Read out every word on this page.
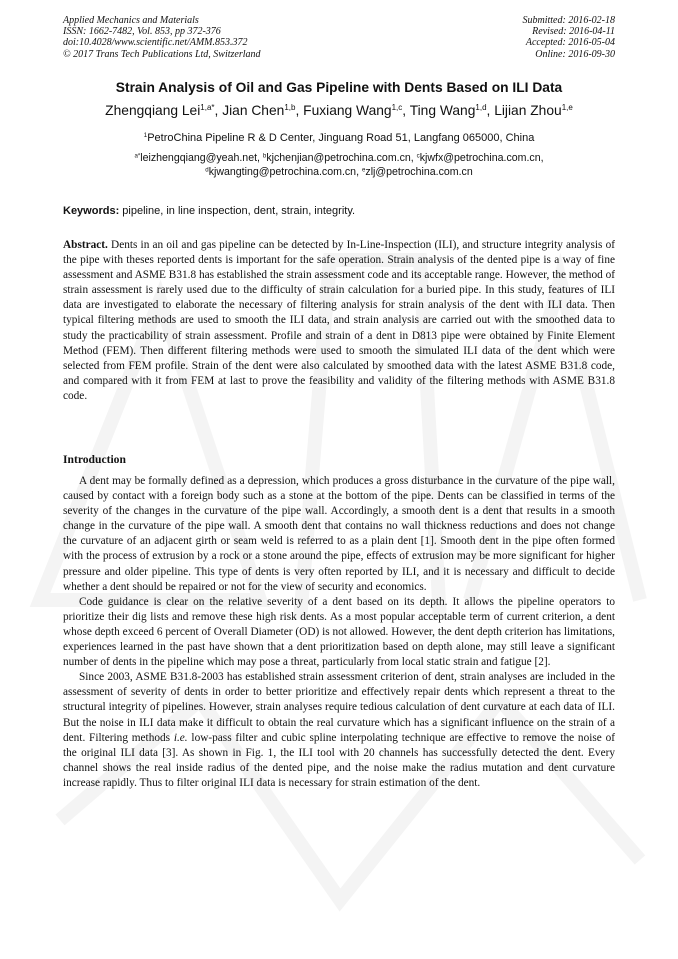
Applied Mechanics and Materials
ISSN: 1662-7482, Vol. 853, pp 372-376
doi:10.4028/www.scientific.net/AMM.853.372
© 2017 Trans Tech Publications Ltd, Switzerland
Submitted: 2016-02-18
Revised: 2016-04-11
Accepted: 2016-05-04
Online: 2016-09-30
Strain Analysis of Oil and Gas Pipeline with Dents Based on ILI Data
Zhengqiang Lei$^{1,a*}$, Jian Chen$^{1,b}$, Fuxiang Wang$^{1,c}$, Ting Wang$^{1,d}$, Lijian Zhou$^{1,e}$
$^1$PetroChina Pipeline R & D Center, Jinguang Road 51, Langfang 065000, China
$^{a*}$leizhengqiang@yeah.net, $^b$kjchenjian@petrochina.com.cn, $^c$kjwfx@petrochina.com.cn,
$^d$kjwangting@petrochina.com.cn, $^e$zlj@petrochina.com.cn
Keywords: pipeline, in line inspection, dent, strain, integrity.
Abstract. Dents in an oil and gas pipeline can be detected by In-Line-Inspection (ILI), and structure integrity analysis of the pipe with theses reported dents is important for the safe operation. Strain analysis of the dented pipe is a way of fine assessment and ASME B31.8 has established the strain assessment code and its acceptable range. However, the method of strain assessment is rarely used due to the difficulty of strain calculation for a buried pipe. In this study, features of ILI data are investigated to elaborate the necessary of filtering analysis for strain analysis of the dent with ILI data. Then typical filtering methods are used to smooth the ILI data, and strain analysis are carried out with the smoothed data to study the practicability of strain assessment. Profile and strain of a dent in D813 pipe were obtained by Finite Element Method (FEM). Then different filtering methods were used to smooth the simulated ILI data of the dent which were selected from FEM profile. Strain of the dent were also calculated by smoothed data with the latest ASME B31.8 code, and compared with it from FEM at last to prove the feasibility and validity of the filtering methods with ASME B31.8 code.
Introduction

A dent may be formally defined as a depression, which produces a gross disturbance in the curvature of the pipe wall, caused by contact with a foreign body such as a stone at the bottom of the pipe. Dents can be classified in terms of the severity of the changes in the curvature of the pipe wall. Accordingly, a smooth dent is a dent that results in a smooth change in the curvature of the pipe wall. A smooth dent that contains no wall thickness reductions and does not change the curvature of an adjacent girth or seam weld is referred to as a plain dent [1]. Smooth dent in the pipe often formed with the process of extrusion by a rock or a stone around the pipe, effects of extrusion may be more significant for higher pressure and older pipeline. This type of dents is very often reported by ILI, and it is necessary and difficult to decide whether a dent should be repaired or not for the view of security and economics.

Code guidance is clear on the relative severity of a dent based on its depth. It allows the pipeline operators to prioritize their dig lists and remove these high risk dents. As a most popular acceptable term of current criterion, a dent whose depth exceed 6 percent of Overall Diameter (OD) is not allowed. However, the dent depth criterion has limitations, experiences learned in the past have shown that a dent prioritization based on depth alone, may still leave a significant number of dents in the pipeline which may pose a threat, particularly from local static strain and fatigue [2].

Since 2003, ASME B31.8-2003 has established strain assessment criterion of dent, strain analyses are included in the assessment of severity of dents in order to better prioritize and effectively repair dents which represent a threat to the structural integrity of pipelines. However, strain analyses require tedious calculation of dent curvature at each data of ILI. But the noise in ILI data make it difficult to obtain the real curvature which has a significant influence on the strain of a dent. Filtering methods i.e. low-pass filter and cubic spline interpolating technique are effective to remove the noise of the original ILI data [3]. As shown in Fig. 1, the ILI tool with 20 channels has successfully detected the dent. Every channel shows the real inside radius of the dented pipe, and the noise make the radius mutation and dent curvature increase rapidly. Thus to filter original ILI data is necessary for strain estimation of the dent.
